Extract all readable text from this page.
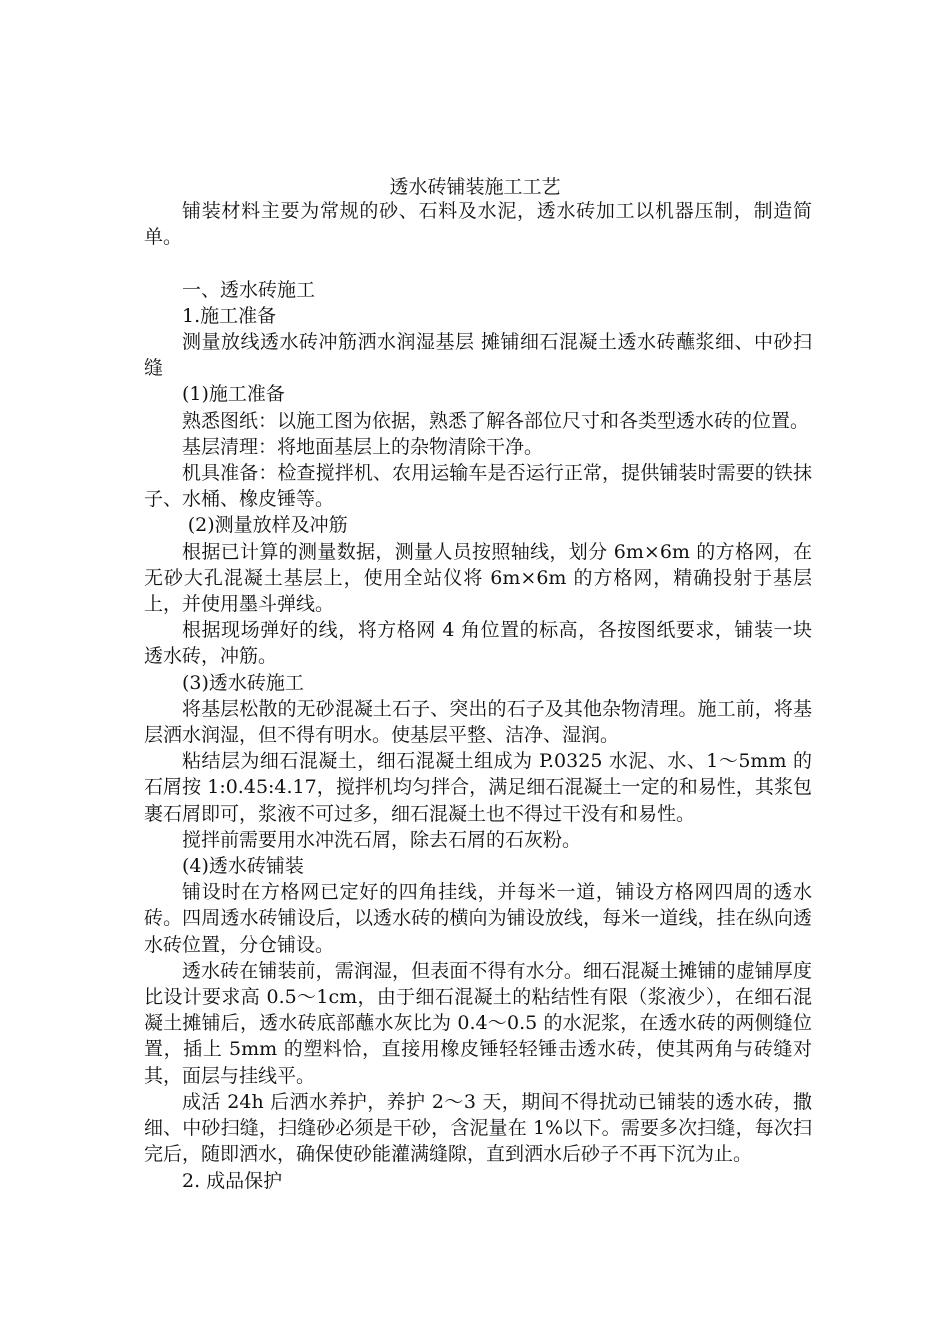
透水砖铺装施工工艺

铺装材料主要为常规的砂、石料及水泥，透水砖加工以机器压制，制造简单。

一、透水砖施工

1.施工准备

测量放线透水砖冲筋洒水润湿基层 摊铺细石混凝土透水砖蘸浆细、中砂扫缝

(1)施工准备

熟悉图纸：以施工图为依据，熟悉了解各部位尺寸和各类型透水砖的位置。

基层清理：将地面基层上的杂物清除干净。

机具准备：检查搅拌机、农用运输车是否运行正常，提供铺装时需要的铁抹子、水桶、橡皮锤等。

(2)测量放样及冲筋

根据已计算的测量数据，测量人员按照轴线，划分 6m×6m 的方格网，在无砂大孔混凝土基层上，使用全站仪将 6m×6m 的方格网，精确投射于基层上，并使用墨斗弹线。

根据现场弹好的线，将方格网 4 角位置的标高，各按图纸要求，铺装一块透水砖，冲筋。

(3)透水砖施工

将基层松散的无砂混凝土石子、突出的石子及其他杂物清理。施工前，将基层洒水润湿，但不得有明水。使基层平整、洁净、湿润。

粘结层为细石混凝土，细石混凝土组成为 P.0325 水泥、水、1～5mm 的石屑按 1:0.45:4.17，搅拌机均匀拌合，满足细石混凝土一定的和易性，其浆包裹石屑即可，浆液不可过多，细石混凝土也不得过干没有和易性。

搅拌前需要用水冲洗石屑，除去石屑的石灰粉。

(4)透水砖铺装

铺设时在方格网已定好的四角挂线，并每米一道，铺设方格网四周的透水砖。四周透水砖铺设后，以透水砖的横向为铺设放线，每米一道线，挂在纵向透水砖位置，分仓铺设。

透水砖在铺装前，需润湿，但表面不得有水分。细石混凝土摊铺的虚铺厚度比设计要求高 0.5～1cm，由于细石混凝土的粘结性有限（浆液少），在细石混凝土摊铺后，透水砖底部蘸水灰比为 0.4～0.5 的水泥浆，在透水砖的两侧缝位置，插上 5mm 的塑料恰，直接用橡皮锤轻轻锤击透水砖，使其两角与砖缝对其，面层与挂线平。

成活 24h 后洒水养护，养护 2～3 天，期间不得扰动已铺装的透水砖，撒细、中砂扫缝，扫缝砂必须是干砂，含泥量在 1%以下。需要多次扫缝，每次扫完后，随即洒水，确保使砂能灌满缝隙，直到洒水后砂子不再下沉为止。

2. 成品保护
